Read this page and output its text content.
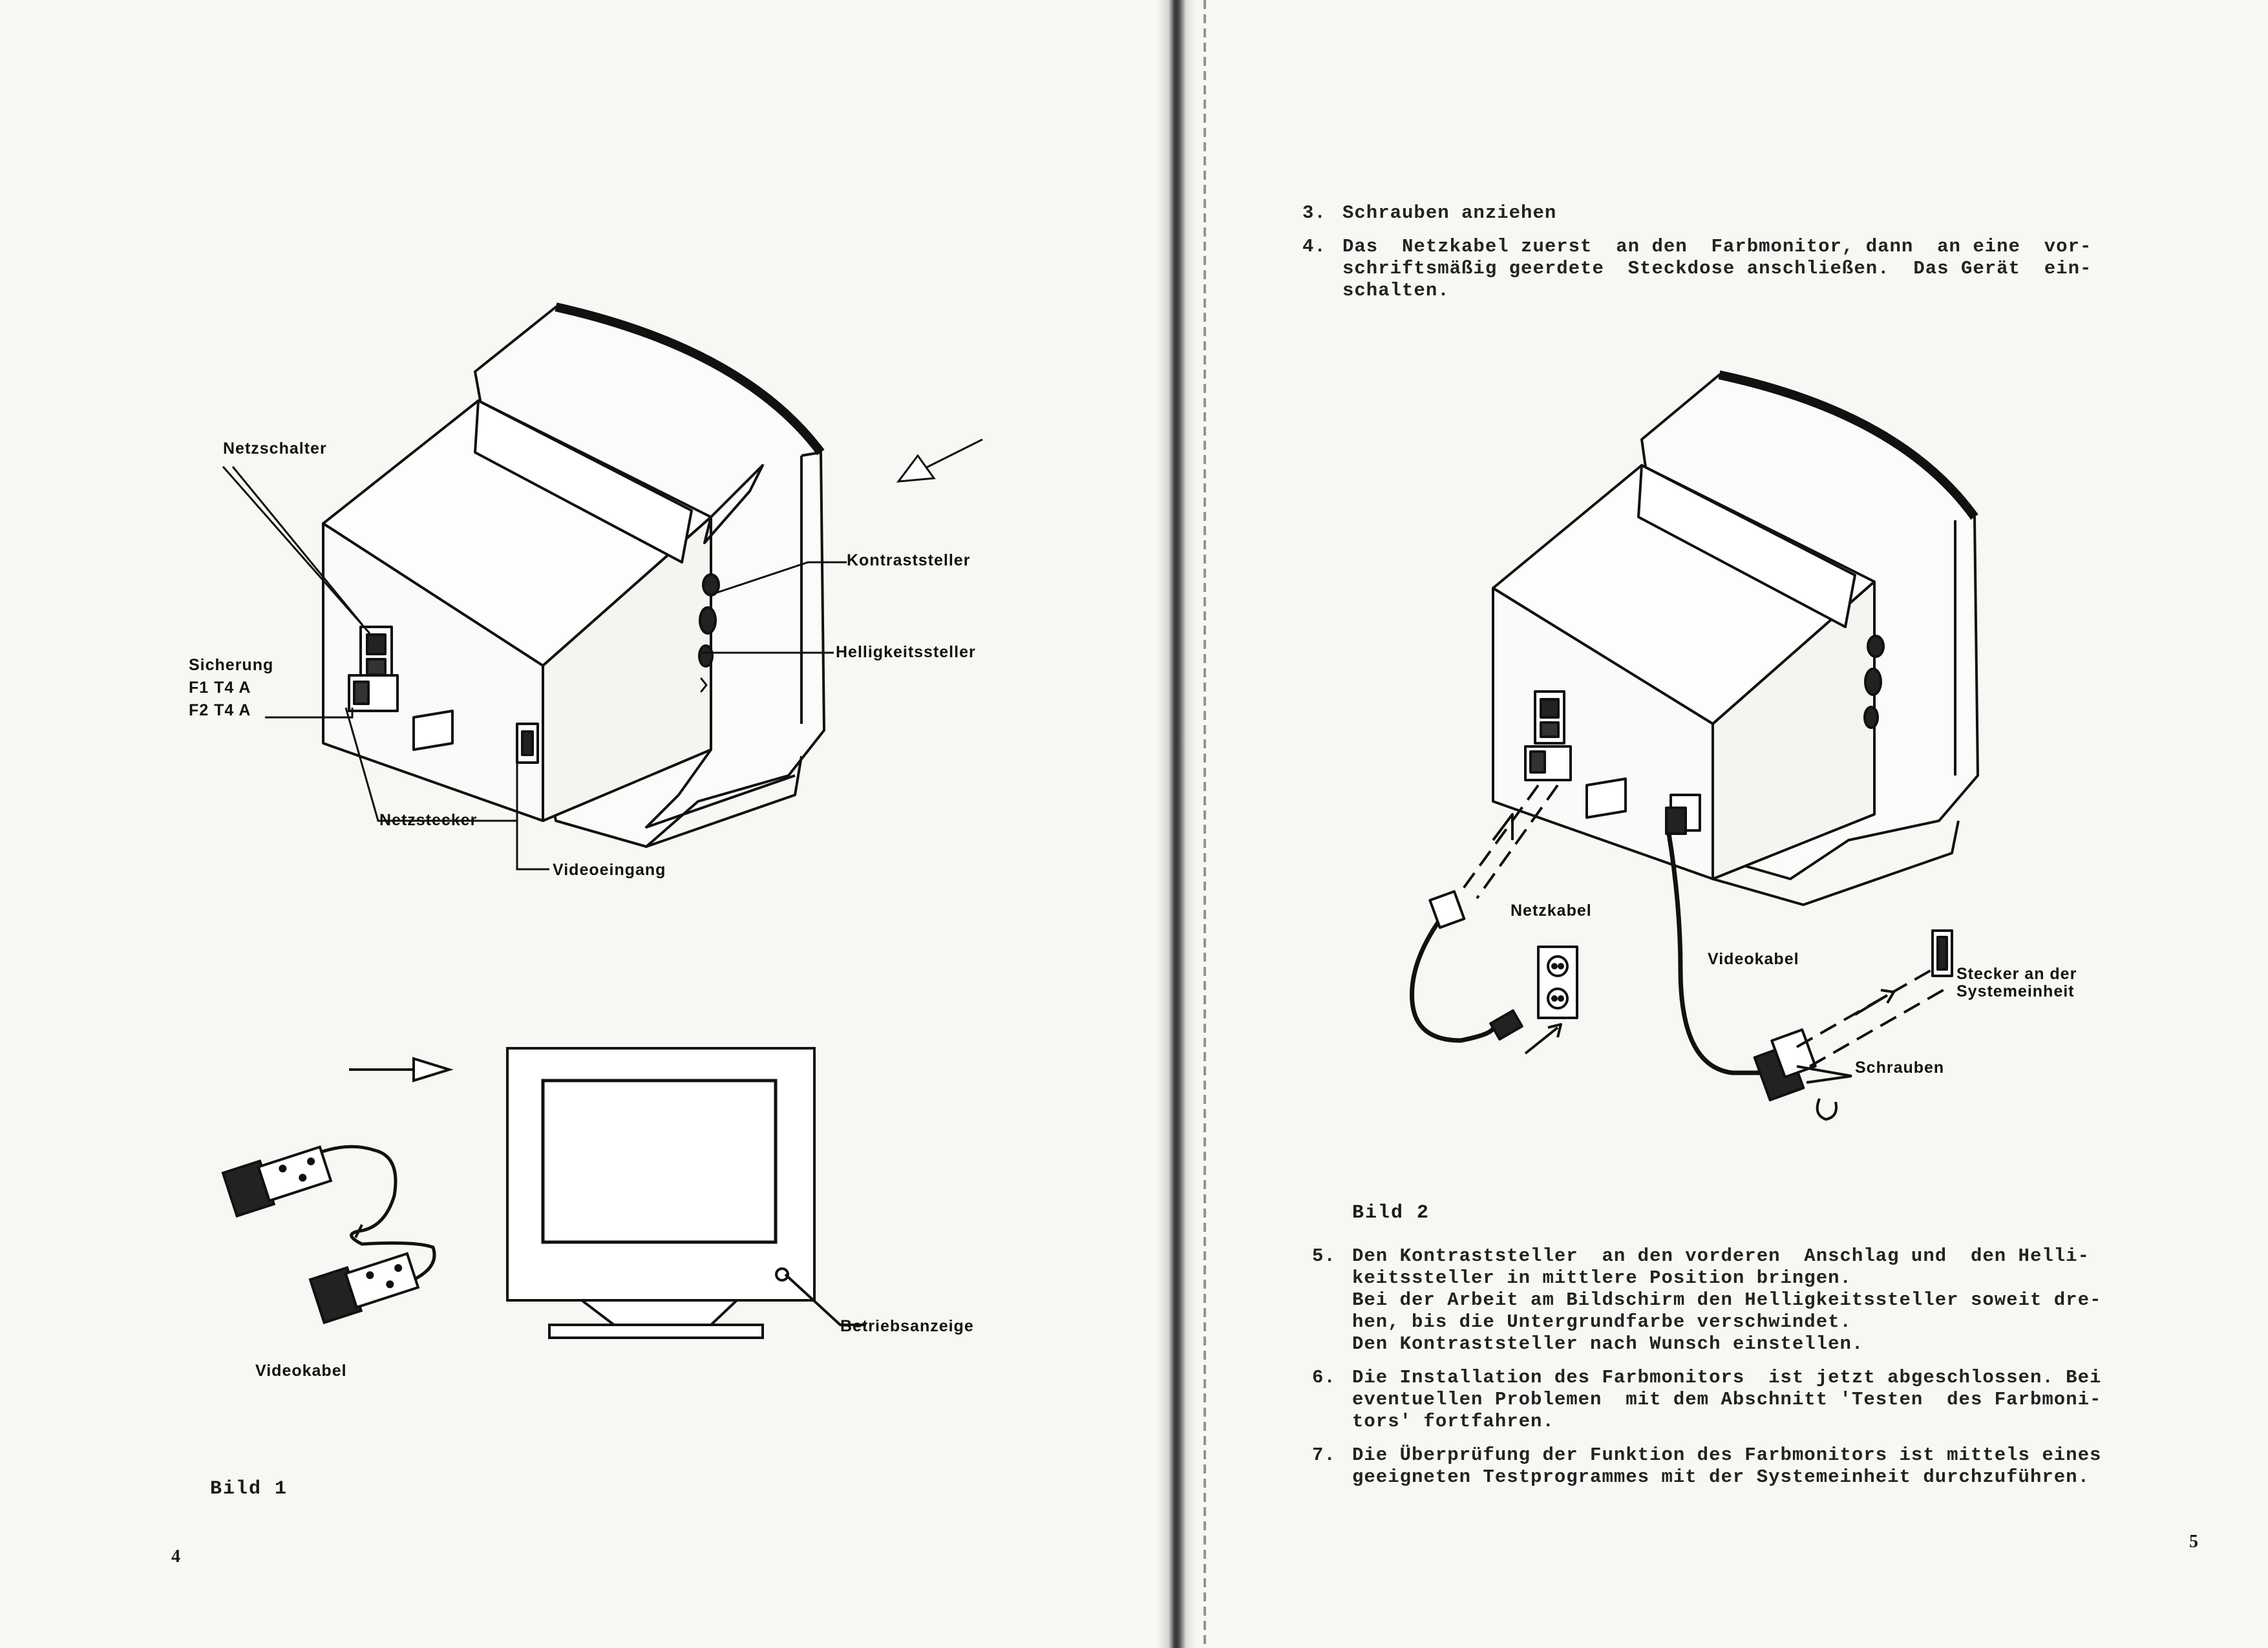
Netzschalter
Sicherung
F1 T4 A
F2 T4 A
Netzstecker
Videoeingang
Kontraststeller
Helligkeitssteller
Videokabel
Betriebsanzeige
Bild 1
4
3. Schrauben anziehen
4. Das  Netzkabel zuerst  an den  Farbmonitor, dann  an eine  vor-
schriftsmäßig geerdete  Steckdose anschließen.  Das Gerät  ein-
schalten.
Netzkabel
Videokabel
Stecker an der
Systemeinheit
Schrauben
Bild 2
5. Den Kontraststeller  an den vorderen  Anschlag und  den Helli-
keitssteller in mittlere Position bringen.
Bei der Arbeit am Bildschirm den Helligkeitssteller soweit dre-
hen, bis die Untergrundfarbe verschwindet.
Den Kontraststeller nach Wunsch einstellen.
6. Die Installation des Farbmonitors  ist jetzt abgeschlossen. Bei
eventuellen Problemen  mit dem Abschnitt 'Testen  des Farbmoni-
tors' fortfahren.
7. Die Überprüfung der Funktion des Farbmonitors ist mittels eines
geeigneten Testprogrammes mit der Systemeinheit durchzuführen.
5
